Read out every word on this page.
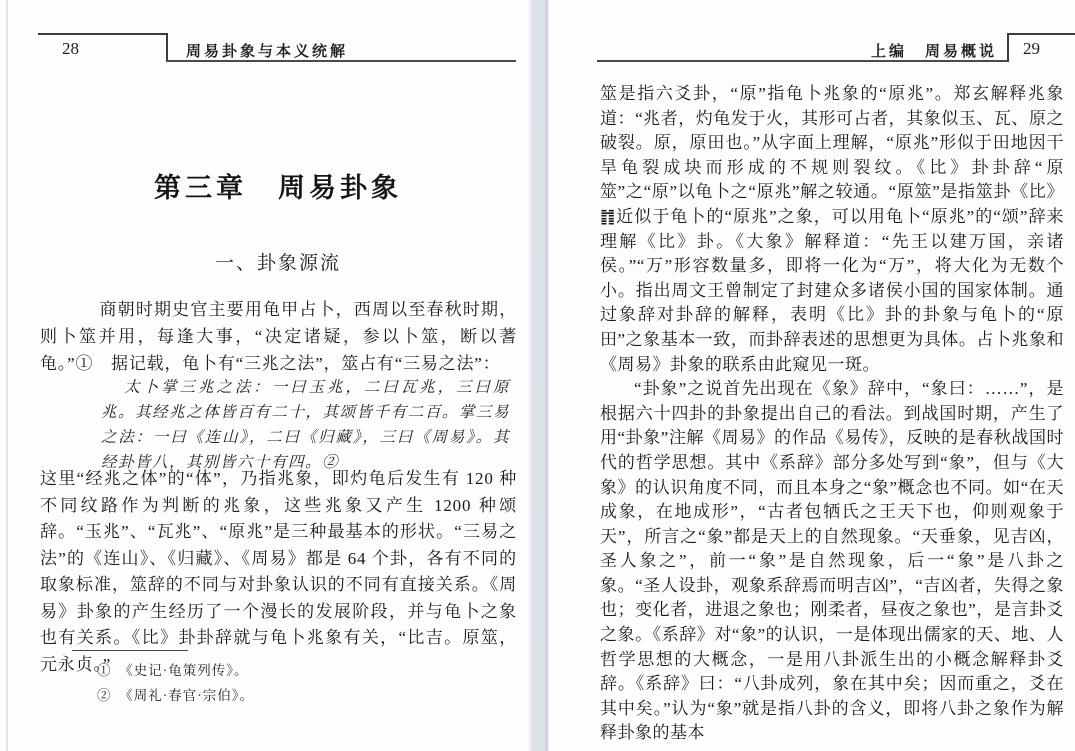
28	周易卦象与本义统解
第三章　周易卦象
一、卦象源流
商朝时期史官主要用龟甲占卜，西周以至春秋时期，则卜筮并用，每逢大事，“决定诸疑，参以卜筮，断以蓍龟。”①　据记载，龟卜有“三兆之法”，筮占有“三易之法”：
太卜掌三兆之法：一曰玉兆，二曰瓦兆，三曰原兆。其经兆之体皆百有二十，其颂皆千有二百。掌三易之法：一曰《连山》，二曰《归藏》，三曰《周易》。其经卦皆八，其别皆六十有四。②
这里“经兆之体”的“体”，乃指兆象，即灼龟后发生有 120 种不同纹路作为判断的兆象，这些兆象又产生 1200 种颂辞。“玉兆”、“瓦兆”、“原兆”是三种最基本的形状。“三易之法”的《连山》、《归藏》、《周易》都是 64 个卦，各有不同的取象标准，筮辞的不同与对卦象认识的不同有直接关系。《周易》卦象的产生经历了一个漫长的发展阶段，并与龟卜之象也有关系。《比》卦卦辞就与龟卜兆象有关，“比吉。原筮，元永贞。”
①　《史记·龟策列传》。
②　《周礼·春官·宗伯》。
29
上编　周易概说

筮是指六爻卦，“原”指龟卜兆象的“原兆”。郑玄解释兆象道：“兆者，灼龟发于火，其形可占者，其象似玉、瓦、原之破裂。原，原田也。”从字面上理解，“原兆”形似于田地因干旱龟裂成块而形成的不规则裂纹。《比》卦卦辞“原筮”之“原”以龟卜之“原兆”解之较通。“原筮”是指筮卦《比》䷇近似于龟卜的“原兆”之象，可以用龟卜“原兆”的“颂”辞来理解《比》卦。《大象》解释道：“先王以建万国，亲诸侯。”“万”形容数量多，即将一化为“万”，将大化为无数个小。指出周文王曾制定了封建众多诸侯小国的国家体制。通过象辞对卦辞的解释，表明《比》卦的卦象与龟卜的“原田”之象基本一致，而卦辞表述的思想更为具体。占卜兆象和《周易》卦象的联系由此窥见一斑。

“卦象”之说首先出现在《象》辞中，“象曰：……”，是根据六十四卦的卦象提出自己的看法。到战国时期，产生了用“卦象”注解《周易》的作品《易传》，反映的是春秋战国时代的哲学思想。其中《系辞》部分多处写到“象”，但与《大象》的认识角度不同，而且本身之“象”概念也不同。如“在天成象，在地成形”，“古者包牺氏之王天下也，仰则观象于天”，所言之“象”都是天上的自然现象。“天垂象，见吉凶，圣人象之”，前一“象”是自然现象，后一“象”是八卦之象。“圣人设卦，观象系辞焉而明吉凶”，“吉凶者，失得之象也；变化者，进退之象也；刚柔者，昼夜之象也”，是言卦爻之象。《系辞》对“象”的认识，一是体现出儒家的天、地、人哲学思想的大概念，一是用八卦派生出的小概念解释卦爻辞。《系辞》曰：“八卦成列，象在其中矣；因而重之，爻在其中矣。”认为“象”就是指八卦的含义，即将八卦之象作为解释卦象的基本
